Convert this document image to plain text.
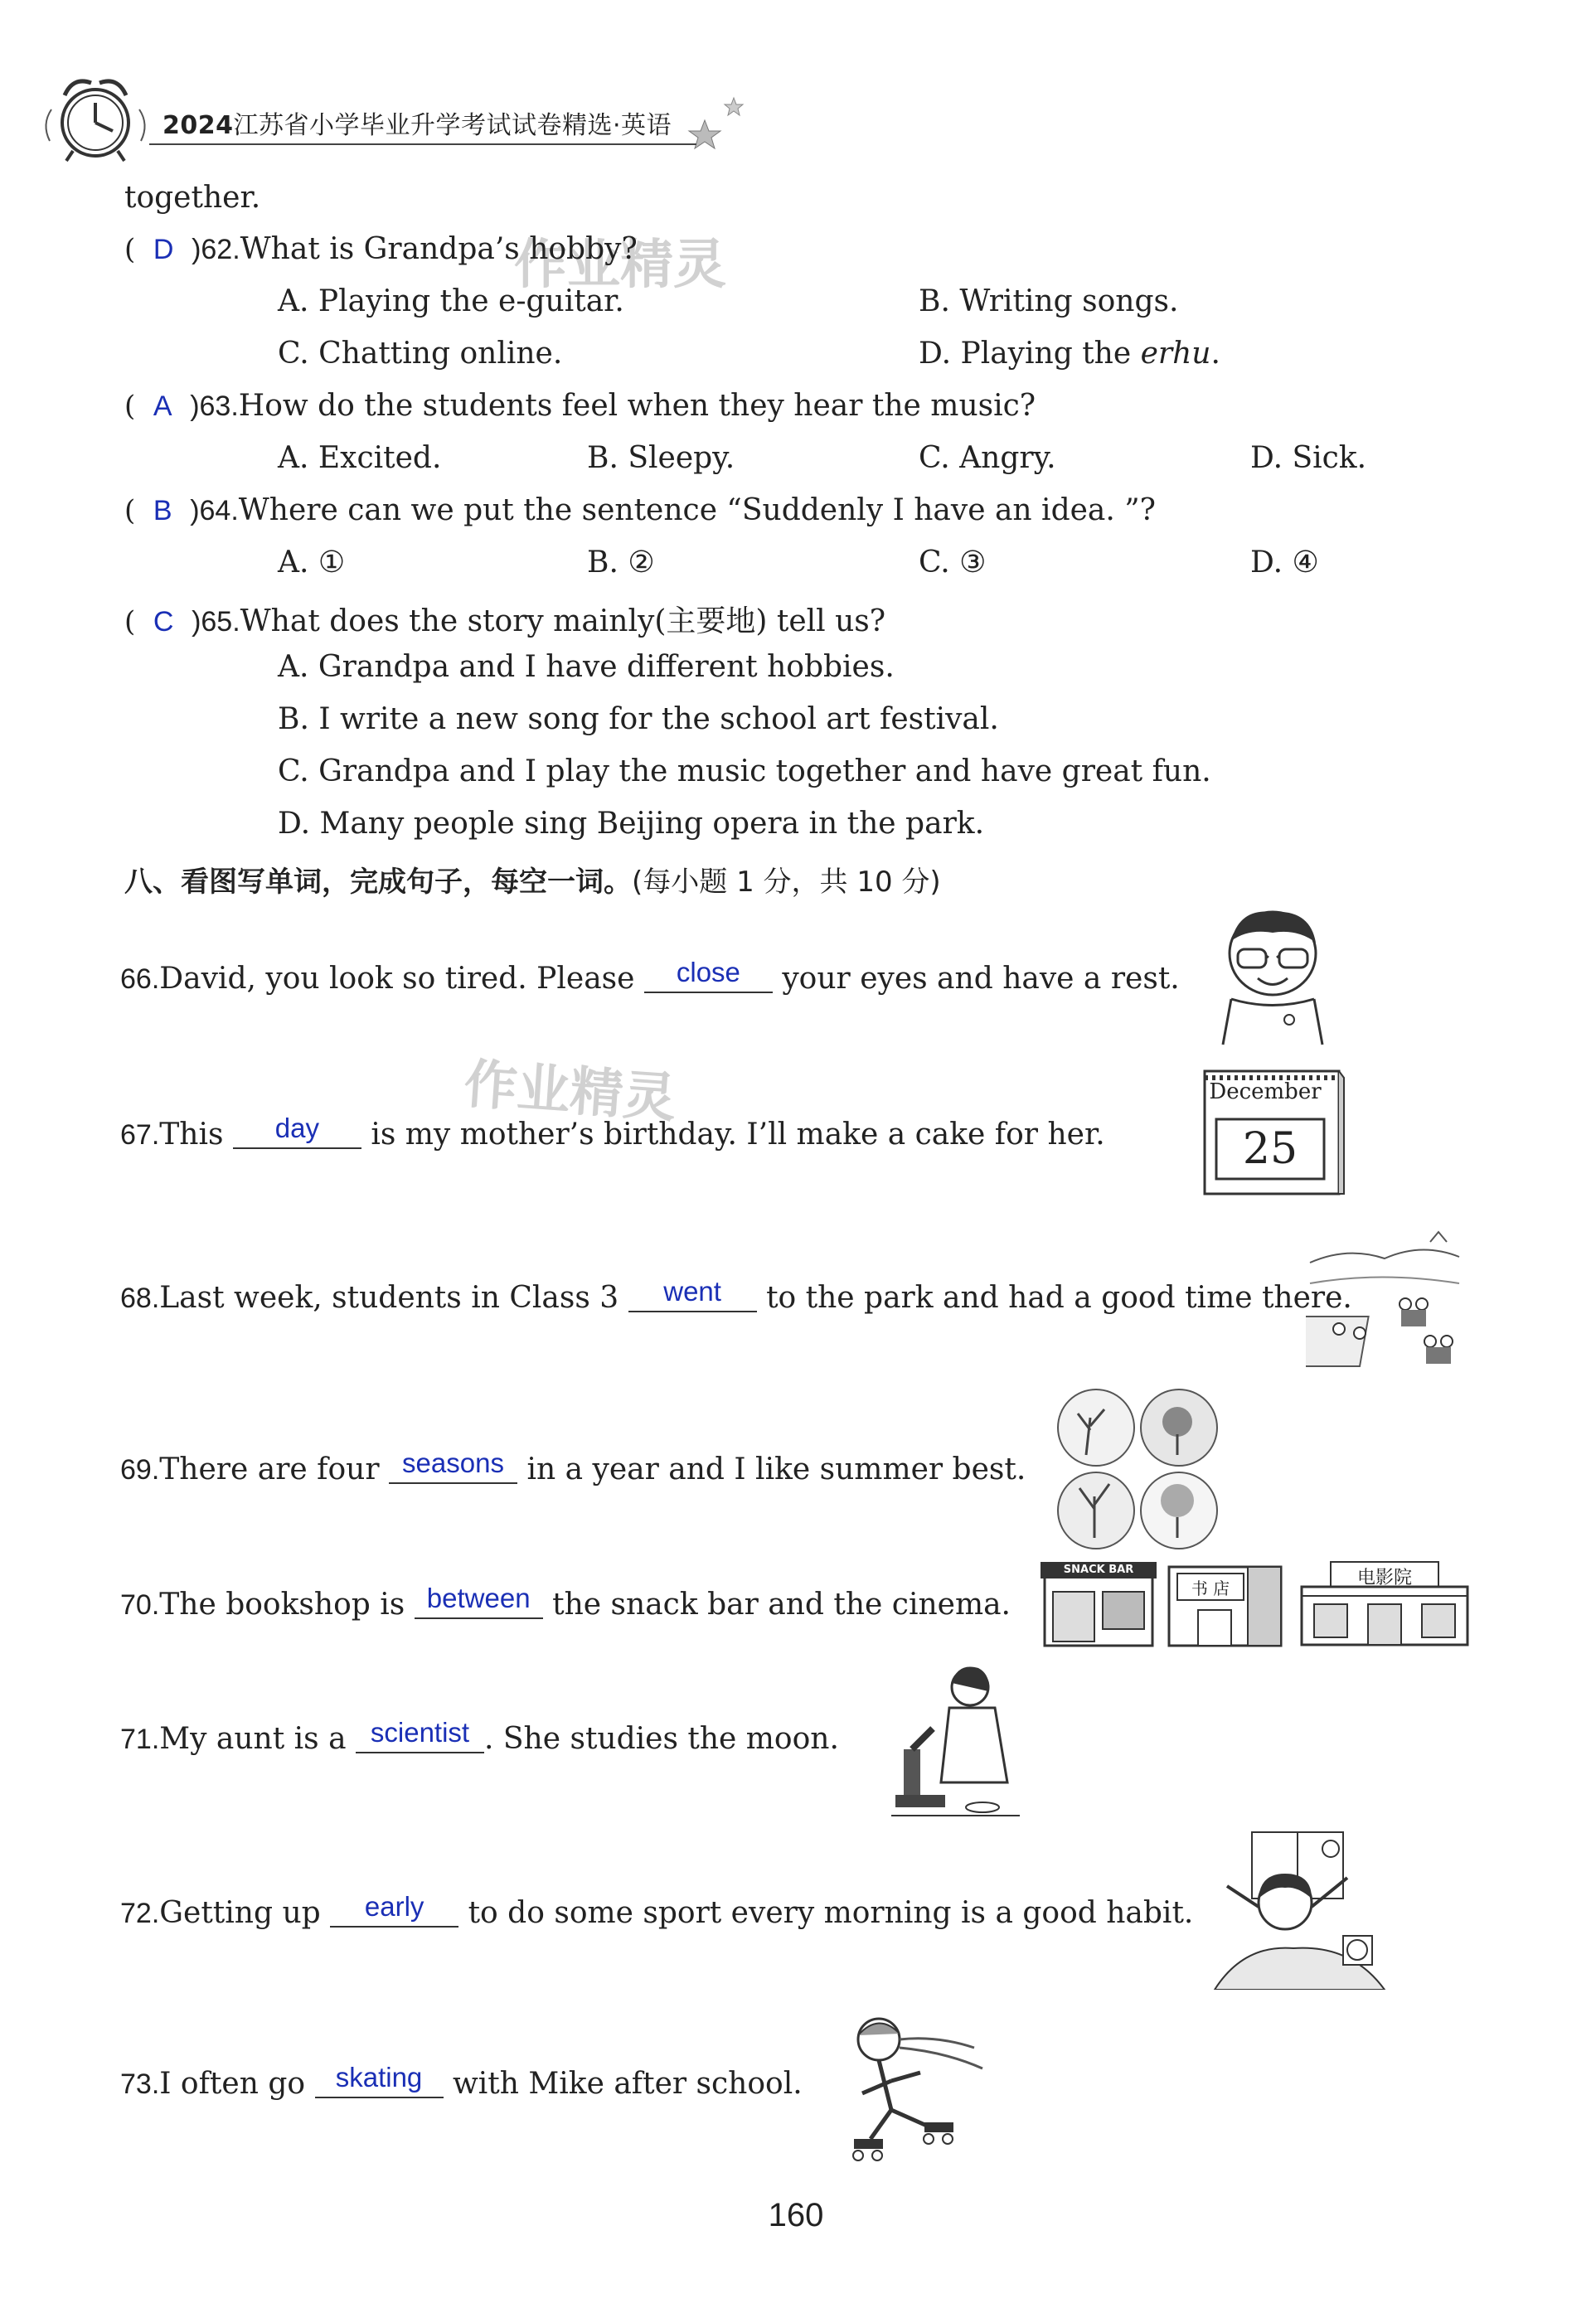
2024江苏省小学毕业升学考试试卷精选·英语
作业精灵
作业精灵
together.
(  D )62.What is Grandpa’s hobby?
A. Playing the e-guitar.	B. Writing songs.
C. Chatting online.	D. Playing the erhu.
(  A )63.How do the students feel when they hear the music?
A. Excited.	B. Sleepy.	C. Angry.	D. Sick.
(  B )64.Where can we put the sentence “Suddenly I have an idea. ”?
A. ①	B. ②	C. ③	D. ④
(  C )65.What does the story mainly(主要地) tell us?
A. Grandpa and I have different hobbies.
B. I write a new song for the school art festival.
C. Grandpa and I play the music together and have great fun.
D. Many people sing Beijing opera in the park.
八、看图写单词，完成句子，每空一词。(每小题 1 分，共 10 分)
66.David, you look so tired. Please close your eyes and have a rest.
67.This day is my mother’s birthday. I’ll make a cake for her.
68.Last week, students in Class 3 went to the park and had a good time there.
69.There are four seasons in a year and I like summer best.
70.The bookshop is between the snack bar and the cinema.
71.My aunt is a scientist . She studies the moon.
72.Getting up early to do some sport every morning is a good habit.
73.I often go skating with Mike after school.
December
25
SNACK BAR
书 店	电影院
160
